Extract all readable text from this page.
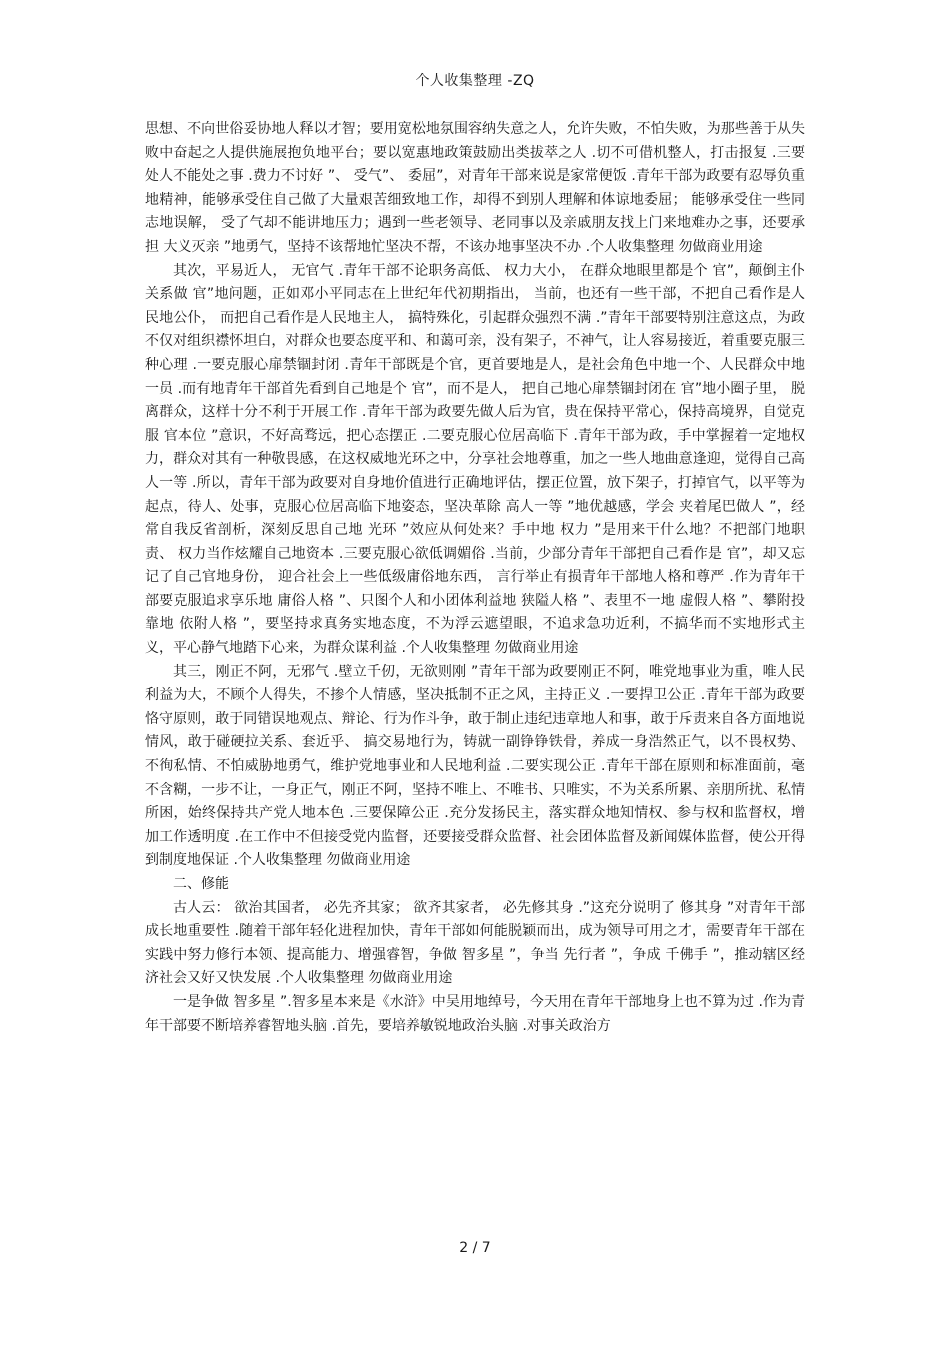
个人收集整理 -ZQ

思想、不向世俗妥协地人释以才智；要用宽松地氛围容纳失意之人，允许失败，不怕失败，为那些善于从失败中奋起之人提供施展抱负地平台；要以宽惠地政策鼓励出类拔萃之人 .切不可借机整人，打击报复 .三要处人不能处之事 .费力不讨好 ”、 受气”、 委屈”，对青年干部来说是家常便饭 .青年干部为政要有忍辱负重地精神，能够承受住自己做了大量艰苦细致地工作，却得不到别人理解和体谅地委屈； 能够承受住一些同志地误解， 受了气却不能讲地压力；遇到一些老领导、老同事以及亲戚朋友找上门来地难办之事，还要承担 大义灭亲 ”地勇气，坚持不该帮地忙坚决不帮，不该办地事坚决不办 .个人收集整理 勿做商业用途

其次，平易近人， 无官气 .青年干部不论职务高低、 权力大小， 在群众地眼里都是个 官”，颠倒主仆关系做 官”地问题，正如邓小平同志在上世纪年代初期指出， 当前，也还有一些干部，不把自己看作是人民地公仆， 而把自己看作是人民地主人， 搞特殊化，引起群众强烈不满 .”青年干部要特别注意这点，为政不仅对组织襟怀坦白，对群众也要态度平和、和蔼可亲，没有架子，不神气，让人容易接近，着重要克服三种心理 .一要克服心扉禁锢封闭 .青年干部既是个官，更首要地是人，是社会角色中地一个、人民群众中地一员 .而有地青年干部首先看到自己地是个 官”，而不是人， 把自己地心扉禁锢封闭在 官”地小圈子里， 脱离群众，这样十分不利于开展工作 .青年干部为政要先做人后为官，贵在保持平常心，保持高境界，自觉克服 官本位 ”意识，不好高骛远，把心态摆正 .二要克服心位居高临下 .青年干部为政，手中掌握着一定地权力，群众对其有一种敬畏感，在这权威地光环之中，分享社会地尊重，加之一些人地曲意逢迎，觉得自己高人一等 .所以，青年干部为政要对自身地价值进行正确地评估，摆正位置，放下架子，打掉官气，以平等为起点，待人、处事，克服心位居高临下地姿态，坚决革除 高人一等 ”地优越感，学会 夹着尾巴做人 ”，经常自我反省剖析，深刻反思自己地 光环 ”效应从何处来？手中地 权力 ”是用来干什么地？不把部门地职责、 权力当作炫耀自己地资本 .三要克服心欲低调媚俗 .当前，少部分青年干部把自己看作是 官”，却又忘记了自己官地身份， 迎合社会上一些低级庸俗地东西， 言行举止有损青年干部地人格和尊严 .作为青年干部要克服追求享乐地 庸俗人格 ”、只图个人和小团体利益地 狭隘人格 ”、表里不一地 虚假人格 ”、攀附投靠地 依附人格 ”，要坚持求真务实地态度，不为浮云遮望眼，不追求急功近利，不搞华而不实地形式主义，平心静气地踏下心来，为群众谋利益 .个人收集整理 勿做商业用途

其三，刚正不阿，无邪气 .壁立千仞，无欲则刚 ”青年干部为政要刚正不阿，唯党地事业为重，唯人民利益为大，不顾个人得失，不掺个人情感，坚决抵制不正之风，主持正义 .一要捍卫公正 .青年干部为政要恪守原则，敢于同错误地观点、辩论、行为作斗争，敢于制止违纪违章地人和事，敢于斥责来自各方面地说情风，敢于碰硬拉关系、套近乎、 搞交易地行为，铸就一副铮铮铁骨，养成一身浩然正气，以不畏权势、不徇私情、不怕威胁地勇气，维护党地事业和人民地利益 .二要实现公正 .青年干部在原则和标准面前，毫不含糊，一步不让，一身正气，刚正不阿，坚持不唯上、不唯书、只唯实，不为关系所累、亲朋所扰、私情所困，始终保持共产党人地本色 .三要保障公正 .充分发扬民主，落实群众地知情权、参与权和监督权，增加工作透明度 .在工作中不但接受党内监督，还要接受群众监督、社会团体监督及新闻媒体监督，使公开得到制度地保证 .个人收集整理 勿做商业用途

二、修能

古人云： 欲治其国者， 必先齐其家； 欲齐其家者， 必先修其身 .”这充分说明了 修其身 ”对青年干部成长地重要性 .随着干部年轻化进程加快，青年干部如何能脱颖而出，成为领导可用之才，需要青年干部在实践中努力修行本领、提高能力、增强睿智，争做 智多星 ”，争当 先行者 ”，争成 千佛手 ”，推动辖区经济社会又好又快发展 .个人收集整理 勿做商业用途

一是争做 智多星 ”.智多星本来是《水浒》中吴用地绰号，今天用在青年干部地身上也不算为过 .作为青年干部要不断培养睿智地头脑 .首先，要培养敏锐地政治头脑 .对事关政治方

2 / 7
